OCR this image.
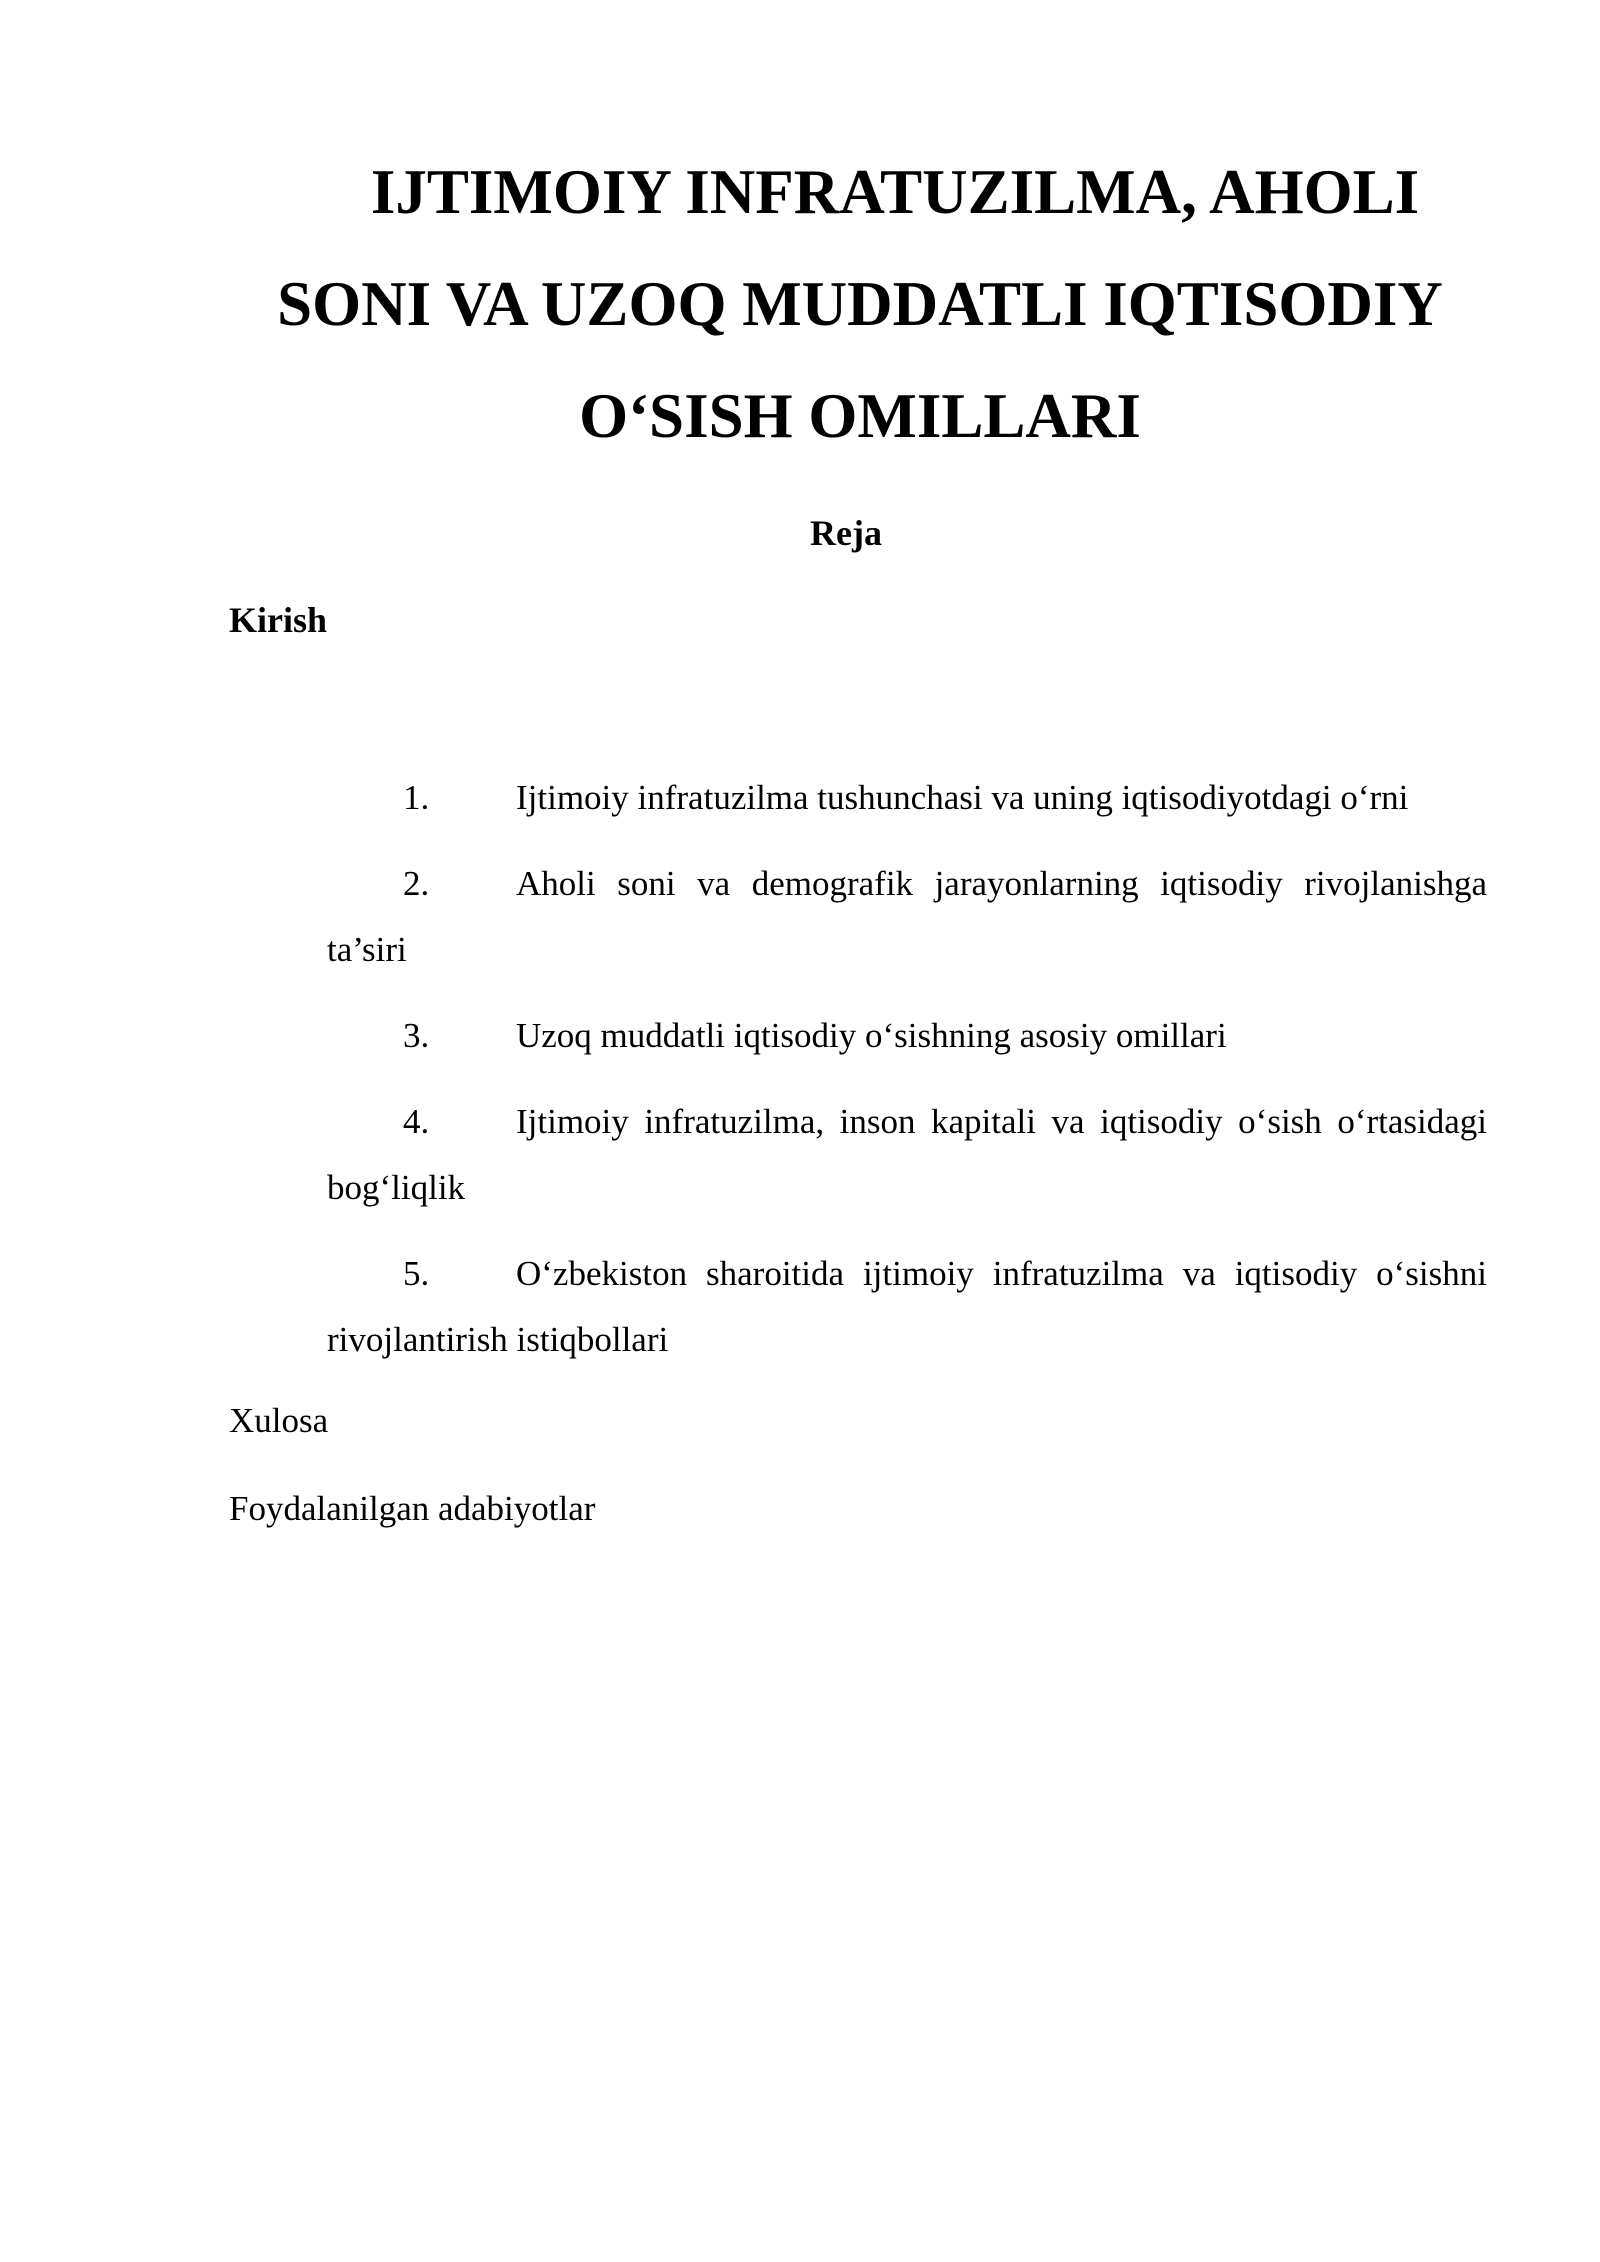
IJTIMOIY INFRATUZILMA, AHOLI
SONI VA UZOQ MUDDATLI IQTISODIY
O‘SISH OMILLARI
Reja
Kirish
1. Ijtimoiy infratuzilma tushunchasi va uning iqtisodiyotdagi o‘rni
2. Aholi soni va demografik jarayonlarning iqtisodiy rivojlanishga ta’siri
3. Uzoq muddatli iqtisodiy o‘sishning asosiy omillari
4. Ijtimoiy infratuzilma, inson kapitali va iqtisodiy o‘sish o‘rtasidagi bog‘liqlik
5. O‘zbekiston sharoitida ijtimoiy infratuzilma va iqtisodiy o‘sishni rivojlantirish istiqbollari
Xulosa
Foydalanilgan adabiyotlar
